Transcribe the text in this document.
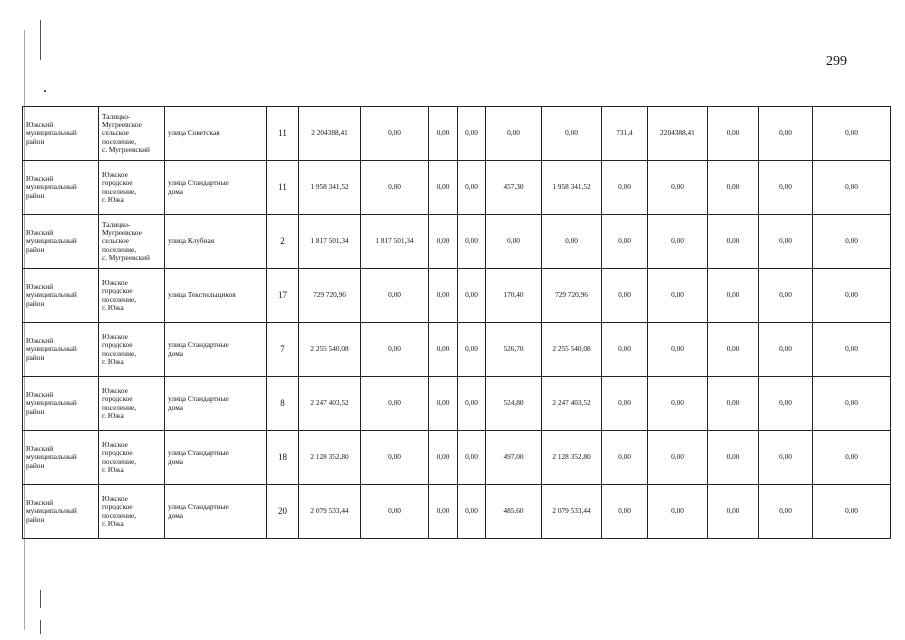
299
Южский
муниципальный
район	Талицко-
Мугреевское
сельское
поселение,
с. Мугреевский	улица Советская	11	2 204388,41	0,00	0,00	0,00	0,00	0,00	731,4	2204388,41	0,00	0,00	0,00
Южский
муниципальный
район	Южское
городское
поселение,
г. Южа	улица Стандартные
дома	11	1 958 341,52	0,00	0,00	0,00	457,30	1 958 341,52	0,00	0,00	0,00	0,00	0,00
Южский
муниципальный
район	Талицко-
Мугреевское
сельское
поселение,
с. Мугреевский	улица Клубная	2	1 817 501,34	1 817 501,34	0,00	0,00	0,00	0,00	0,00	0,00	0,00	0,00	0,00
Южский
муниципальный
район	Южское
городское
поселение,
г. Южа	улица Текстильщиков	17	729 720,96	0,00	0,00	0,00	170,40	729 720,96	0,00	0,00	0,00	0,00	0,00
Южский
муниципальный
район	Южское
городское
поселение,
г. Южа	улица Стандартные
дома	7	2 255 540,08	0,00	0,00	0,00	526,70	2 255 540,08	0,00	0,00	0,00	0,00	0,00
Южский
муниципальный
район	Южское
городское
поселение,
г. Южа	улица Стандартные
дома	8	2 247 403,52	0,00	0,00	0,00	524,80	2 247 403,52	0,00	0,00	0,00	0,00	0,00
Южский
муниципальный
район	Южское
городское
поселение,
г. Южа	улица Стандартные
дома	18	2 128 352,80	0,00	0,00	0,00	497,00	2 128 352,80	0,00	0,00	0,00	0,00	0,00
Южский
муниципальный
район	Южское
городское
поселение,
г. Южа	улица Стандартные
дома	20	2 079 533,44	0,00	0,00	0,00	485,60	2 079 533,44	0,00	0,00	0,00	0,00	0,00
